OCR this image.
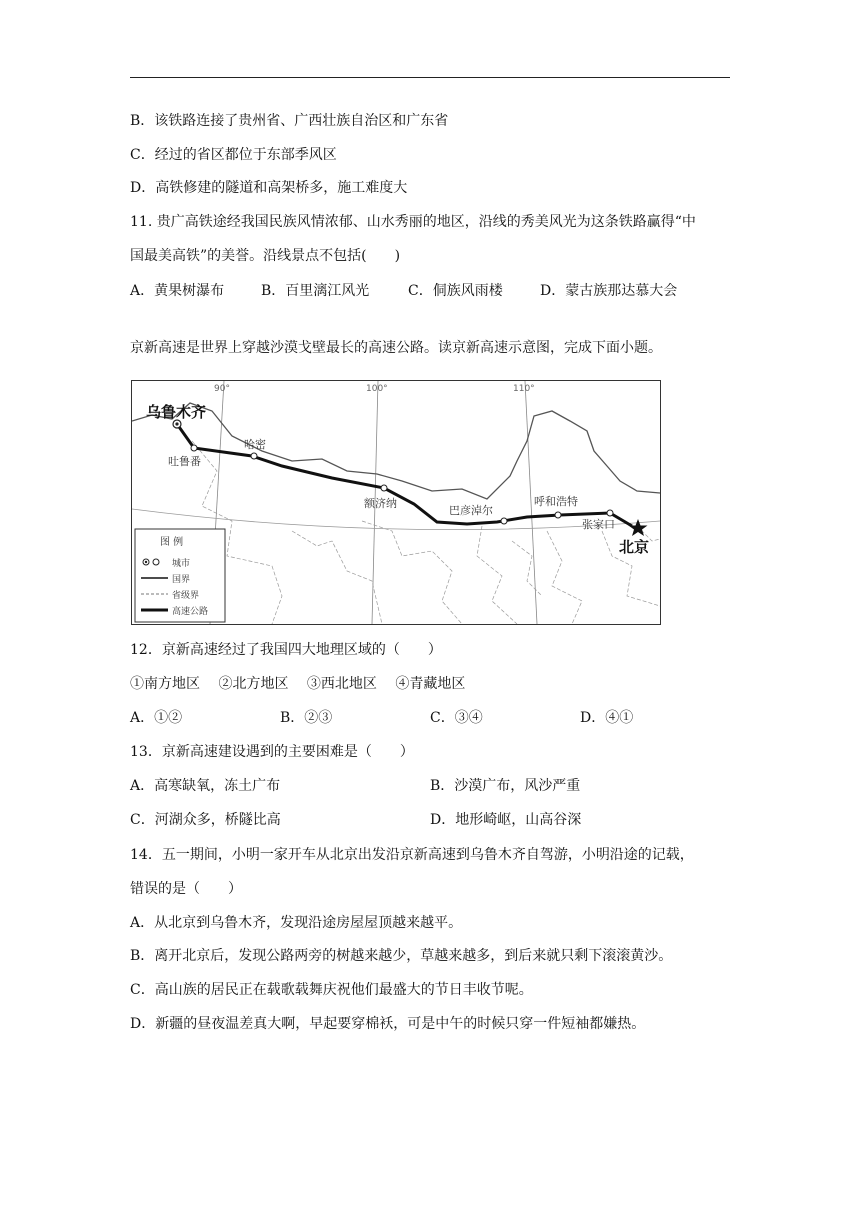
B．该铁路连接了贵州省、广西壮族自治区和广东省
C．经过的省区都位于东部季风区
D．高铁修建的隧道和高架桥多，施工难度大
11. 贵广高铁途经我国民族风情浓郁、山水秀丽的地区，沿线的秀美风光为这条铁路赢得“中
国最美高铁”的美誉。沿线景点不包括(　　)
A．黄果树瀑布	B．百里漓江风光	C．侗族风雨楼	D．蒙古族那达慕大会
京新高速是世界上穿越沙漠戈壁最长的高速公路。读京新高速示意图，完成下面小题。
90°	100°	110°
乌鲁木齐
吐鲁番
哈密
额济纳
巴彦淖尔
呼和浩特
张家口
北京
图 例
城市
国界
省级界
高速公路
12．京新高速经过了我国四大地理区域的（　　）
①南方地区　 ②北方地区　 ③西北地区　 ④青藏地区
A．①②	B．②③	C．③④	D．④①
13．京新高速建设遇到的主要困难是（　　）
A．高寒缺氧，冻土广布	B．沙漠广布，风沙严重
C．河湖众多，桥隧比高	D．地形崎岖，山高谷深
14．五一期间，小明一家开车从北京出发沿京新高速到乌鲁木齐自驾游，小明沿途的记载，
错误的是（　　）
A．从北京到乌鲁木齐，发现沿途房屋屋顶越来越平。
B．离开北京后，发现公路两旁的树越来越少，草越来越多，到后来就只剩下滚滚黄沙。
C．高山族的居民正在载歌载舞庆祝他们最盛大的节日丰收节呢。
D．新疆的昼夜温差真大啊，早起要穿棉袄，可是中午的时候只穿一件短袖都嫌热。
